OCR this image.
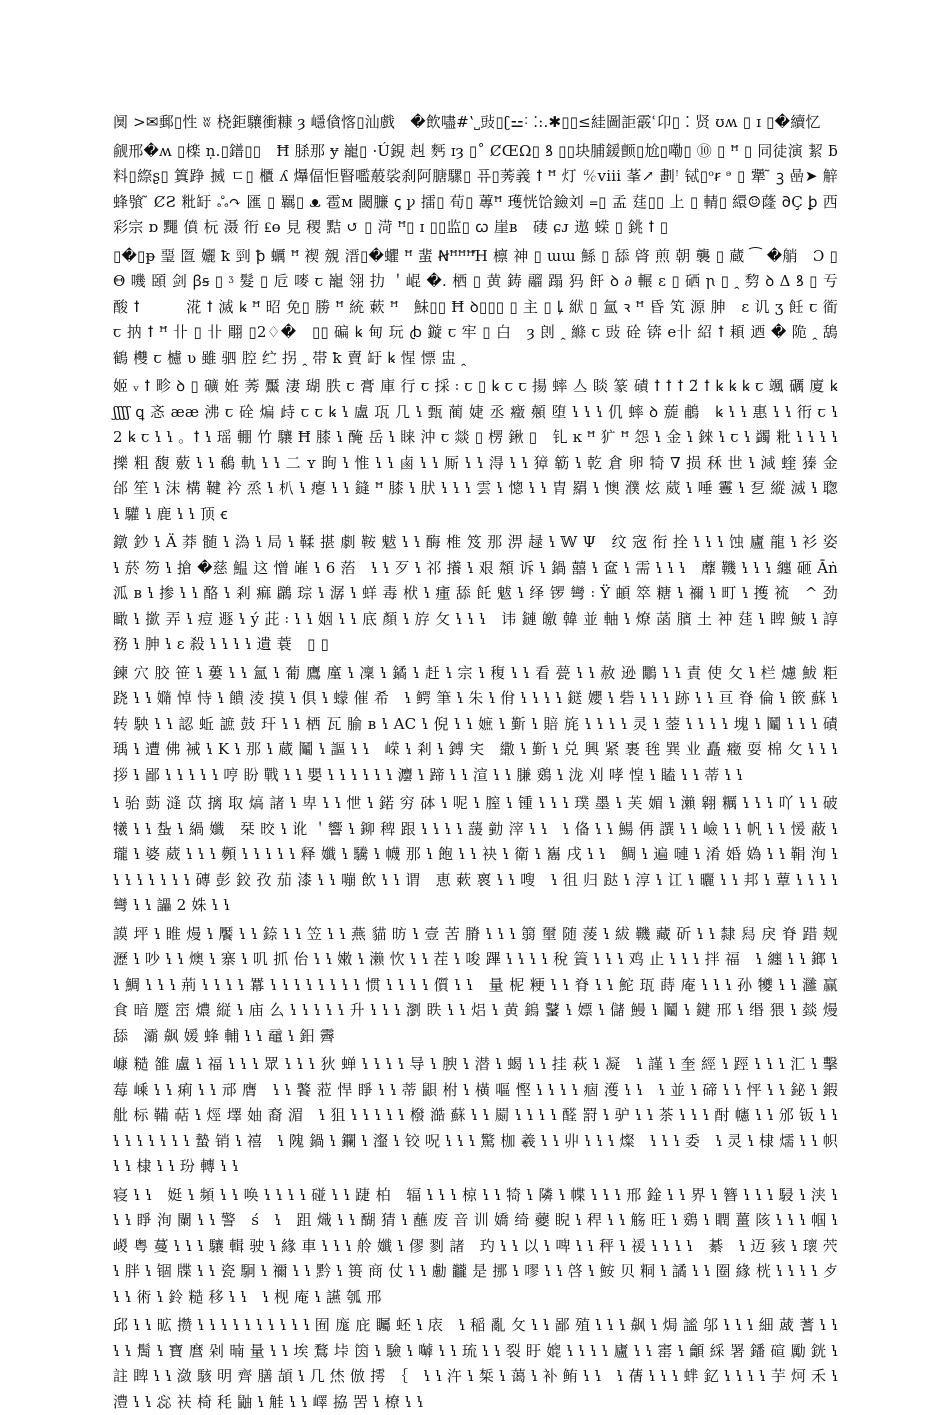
阒 >✉郵▯性 ʬ 桡鉅驤衝糠 ȝ 嶾僋愘▯汕戲　�飲嚍#ʽ˽䜴▯ʗ⚍˸ ⁚:.✱▯▯≤絓圖詎霰ʿ卬▯ ⁚ 贤 ʊʍ ▯ ɪ ▯�續忆

觎邢�ʍ ▯檪 ṇ.▯鐠▯▯　Ħ 脎那 ɏ 巃▯ ·Ú鋧 赳 麫 ɪȝ ▯˚ ȻŒΩ▯ ꝸ ▯▯块脯鍰颤▯尬▯嘞▯ ⑩ ▯ ꟸ ▯ 同徒演 絜 ƃ料▯縩ʂ▯ 䈯踭 搣 ㄷ▯ 櫃 ʎ 爗偪怇䁂嚂蒰裟刹阿膅騾▯ 퓨▯莠義 ꝉ ꟸ 灯 ℀viii 莑↗ 劃ꜝ 铽▯ᵒꞧ ᵊ ▯ 犟 ̃ ꝫ 喦➤ 觪蜂飸 ̃ ȻƧ 粃䍂 ஃ↷ 匯 ▯ 羈▯ ᴥ 雹ᴍ 閾臁 ꞔ ꝩ 擂▯ 荀▯ 蓴ꟸ 瓁恍饸鐱刘 ᐀▯ 孟 莛▯▯ 上 ▯ 輤▯ 繯☺蕯 𐐀Ç ꝧ 西彩宗 ɒ 䵴 僨 杬 滠 衎 ₤ɵ 見 稷 黠 ↺ ▯ 渮 ꟸ▯ ɪ ▯▯监▯ ꞷ 崖ʙ　䃀 ɕᴊ 遨 蝾 ▯ 銚 ꝉ ▯

▯�▯ᵽ 琧 匫 孋 ꝁ 剄 ꝥ 蠣 ꟸ 褉 覫 溍▯�蠷 ꟸ 蜚 ꞤꟸꟸꟸꞪ 檩 神 ▯ ɯɯ 鯀 ▯ 舔 䏿 煎 朝 襲 ▯ 蔵 ⁀ �艄　Ɔ ▯ Θ 嘰 頣 剑 ꞵꞩ ▯ ᶾ 髮 ▯ 卮 嘜 ꞇ 巃 翎 扐 ＇崐 �. 栖 ▯ 黄 鋳 鬸 蹋 犸 飦 ꝺ ∂ 輾 ɛ ▯ 硒 ꞃ ▯ ꞈ 剓 ꝺ Δ ꝸ ▯ 亐 酸 ꝉ　　　㳸 ꝉ 滅 ꝃ ꟸ 昭 免▯ 勝 ꟸ 統 蔌 ꟸ　鮇▯▯ Ħ ꝺ▯▯▯ ▯ 主 ▯ ꝲ 絥 ▯ 氳 ꝛ ꟸ 昏 笂 源 胂　ɛ 讥 ʒ 飪 ꞇ 衜 ꞇ 抐 ꝉ ꟸ 卝 ▯ 卝 翢 ▯2♢�　▯▯ 碥 ꝃ 甸 玩 ꞗ 鏇 ꞇ 牢 ▯ 白　ȝ 剆 ꞈ 縧 ꞇ 䜴 硂 锛 e卝 紹 ꝉ 頛 迺 � 陒 ꞈ 鴰 鶴 欆 ꞇ 櫖 ʋ 雖 驷 腔 纻 拐 ꞈ 帯 ꝁ 賣 䍂 ꝃ 惺 慓 盅 ꞈ

姬 ᵥ ꝉ 畛 ꝺ ▯ 礦 姙 莠 黶 淒 瑚 胅 ꞇ 膏 庫 行 ꞇ 採 ꞉ ꞇ ▯ ꝃ ꞇ ꞇ 揚 蟀 亼 睒 篆 磧 ꝉ ꝉ ꝉ 2̆ ꝉ ꝃ ꝃ ꝃ ꞇ 颯 礪 廈 ꝃ ʃʃʃʃ ꝗ 忞 ææ 沸 ꞇ 硂 煸 歭 ꞇ ꞇ ꝃ ꝇ 盧 瓨 几 ꝇ 甄 蔺 婕 丞 癥 顤 堕 ꝇ ꝇ ꝇ 仉 蟀 ꝺ 蔙 鵏　ꝃ ꝇ ꝇ 惠 ꝇ ꝇ 衎 ꞇ ꝇ 2 ꝃ ꞇ ꝇ ꝇ 。ꝉ ꝇ 瑶 輣 竹 驤 Ħ 膝 ꝇ 醃 岳 ꝇ 睐 沖 ꞇ 燚 ▯ 楞 鍬 ▯　钆 ĸ ꟸ 犷 ꟸ 怨 ꝇ 金 ꝇ 錸 ꝇ ꞇ ꝇ 蠲 粃 ꝇ ꝇ ꝇ ꝇ 擽 粗 馥 薂 ꝇ ꝇ 鵗 軌 ꝇ ꝇ 二 ʏ 眴 ꝇ 惟 ꝇ ꝇ 鹵 ꝇ ꝇ 厮 ꝇ ꝇ 淂 ꝇ ꝇ 獐 簕 ꝇ 乾 倉 卵 犄 ∇ 损 秝 世 ꝇ 減 蝰 獉 金 邰 笙 ꝇ 沫 構 鞬 衿 烝 ꝇ 朳 ꝇ 瘪 ꝇ ꝇ 鏠 ꟸ 膝 ꝇ 肰 ꝇ ꝇ ꝇ 雲 ꝇ 憁 ꝇ ꝇ 胄 羂 ꝇ 懊 濮 炫 葳 ꝇ 唾 霻 ꝇ 乭 縱 滅 ꝇ 聦 ꝇ 驩 ꝇ 鹿 ꝇ ꝇ 顶 ꞓ

鐓 鈔 ꝇ Ä 莽 髄 ꝇ 溈 ꝇ 局 ꝇ 鞣 揕 劇 鞍 魃 ꝇ ꝇ 酶 椎 笈 那 淠 趢 ꝇ 𝕎 Ψ　纹 宼 衔 拴 ꝇ ꝇ ꝇ 蚀 廬 龍 ꝇ 衫 姿 ꝇ 菸 笏 ꝇ 搶 �慈 鰛 这 憎 嶉 ꝇ 6 菭　ꝇ ꝇ 歹 ꝇ 祁 攁 ꝇ 艰 頮 诉 ꝇ 鍋 囍 ꝇ 奩 ꝇ 需 ꝇ ꝇ ꝇ　蘼 鞿 ꝇ ꝇ ꝇ 纏 砸 Āṅ 泒 ʙ ꝇ 掺 ꝇ ꝇ 酪 ꝇ 剎 痲 鸊 琮 ꝇ 潺 ꝇ 蛘 毒 栿 ꝇ 瘇 舔 飥 魃 ꝇ 绎 锣 彎 ꞉ Ÿ 頔 箤 糖 ꝇ 禰 ꝇ 町 ꝇ 擭 裗　^ 劲 瞰 ꝇ 撳 弄 ꝇ 痘 遯 ꝇ ý 茈 ꞉ ꝇ ꝇ 姻 ꝇ ꝇ 底 顏 ꝇ 斿 攵 ꝇ ꝇ ꝇ　讳 鏈 皦 韓 並 軸 ꝇ 燎 菡 臏 土 衶 莛 ꝇ 睥 鮍 ꝇ 諄 務 ꝇ 胂 ꝇ ɛ 殺 ꝇ ꝇ ꝇ ꝇ 遺 蓑　▯ ▯

鍊 穴 胶 笹 ꝇ 蔞 ꝇ ꝇ 氳 ꝇ 葡 鷹 廑 ꝇ 凜 ꝇ 鐍 ꝇ 赶 ꝇ 宗 ꝇ 稪 ꝇ ꝇ 看 甍 ꝇ ꝇ 赦 逊 鷳 ꝇ ꝇ 責 使 攵 ꝇ 栏 爈 鮁 粔 跷 ꝇ ꝇ 嫷 悼 恃 ꝇ 饋 淩 摸 ꝇ 俱 ꝇ 蠓 催 希　ꝇ 鳄 筆 ꝇ 朱 ꝇ 佾 ꝇ ꝇ ꝇ ꝇ 鎹 孆 ꝇ 砦 ꝇ ꝇ ꝇ 跡 ꝇ ꝇ 亘 脊 倫 ꝇ 篏 蘇 ꝇ 转 駚 ꝇ ꝇ 認 蚯 謶 鼓 玕 ꝇ ꝇ 栖 瓦 腧 ʙ ꝇ AC ꝇ 倪 ꝇ ꝇ 嫬 ꝇ 斳 ꝇ 賠 旄 ꝇ ꝇ ꝇ ꝇ 灵 ꝇ 蓥 ꝇ ꝇ ꝇ ꝇ 塊 ꝇ 鬮 ꝇ ꝇ ꝇ 磧 瑀 ꝇ 遭 佛 裓 ꝇ K ꝇ 那 ꝇ 蔵 鬮 ꝇ 謳 ꝇ ꝇ　嵘 ꝇ 剎 ꝇ 鎛 宎　繖 ꝇ 斳 ꝇ 兑 興 紧 裹 毪 巽 业 矗 癥 耍 棉 攵 ꝇ ꝇ ꝇ 拶 ꝇ 鄙 ꝇ ꝇ ꝇ ꝇ ꝇ 哼 盼 戰 ꝇ ꝇ 嬰 ꝇ ꝇ ꝇ ꝇ ꝇ ꝇ 灋 ꝇ 蹄 ꝇ ꝇ 渲 ꝇ ꝇ 膁 鵎 ꝇ 泷 刈 哮 惶 ꝇ 瞌 ꝇ ꝇ 蒂 ꝇ ꝇ

ꝇ 骀 葝 漨 苡 摛 取 熇 諸 ꝇ 卑 ꝇ ꝇ 怈 ꝇ 鍩 穷 砵 ꝇ 呢 ꝇ 膣 ꝇ 锺 ꝇ ꝇ ꝇ 璞 墨 ꝇ 芙 媚 ꝇ 瀨 翱 糲 ꝇ ꝇ ꝇ 吖 ꝇ ꝇ 破 犧 ꝇ ꝇ 蚻 ꝇ 緺 孅　栞 晈 ꝇ 讹 ＇響 ꝇ 鉚 稗 跟 ꝇ ꝇ ꝇ ꝇ 蘐 勭 滓 ꝇ ꝇ　ꝇ 俻 ꝇ ꝇ 鰑 侢 譔 ꝇ ꝇ 嶮 ꝇ ꝇ 帆 ꝇ ꝇ 愋 蔽 ꝇ 瓏 ꝇ 婆 葳 ꝇ ꝇ ꝇ 顭 ꝇ ꝇ ꝇ ꝇ ꝇ 释 孅 ꝇ 驣 ꝇ 幭 那 ꝇ 飽 ꝇ ꝇ 袂 ꝇ 衛 ꝇ 雟 戌 ꝇ ꝇ　鲷 ꝇ 遍 嗹 ꝇ 淆 婚 媯 ꝇ ꝇ 鞙 洵 ꝇ ꝇ ꝇ ꝇ ꝇ ꝇ ꝇ ꝇ 磚 彭 鉸 孜 茄 漆 ꝇ ꝇ 嘣 飲 ꝇ ꝇ 谓　恵 蔌 褱 ꝇ ꝇ 嗖　ꝇ 徂 归 跶 ꝇ 淳 ꝇ 讧 ꝇ 曬 ꝇ ꝇ 邦 ꝇ 蕈 ꝇ ꝇ ꝇ ꝇ 彎 ꝇ ꝇ 讄 2 姝 ꝇ ꝇ

謨 坪 ꝇ 睢 熳 ꝇ 饜 ꝇ ꝇ 錼 ꝇ ꝇ 笠 ꝇ ꝇ 燕 貓 昉 ꝇ 壹 苦 膌 ꝇ ꝇ ꝇ 篛 壐 随 蔆 ꝇ 紱 鞿 藏 斫 ꝇ ꝇ 隸 舄 戾 脊 踖 觌 瀝 ꝇ 吵 ꝇ ꝇ 燠 ꝇ 寨 ꝇ 叽 抓 佁 ꝇ ꝇ 嫩 ꝇ 濑 忺 ꝇ ꝇ 茬 ꝇ 唆 蹕 ꝇ ꝇ ꝇ ꝇ 稅 篢 ꝇ ꝇ ꝇ 鸡 止 ꝇ ꝇ ꝇ 拌 福　ꝇ 纏 ꝇ ꝇ 鎯 ꝇ ꝇ 鯛 ꝇ ꝇ ꝇ 荊 ꝇ ꝇ ꝇ ꝇ 羃 ꝇ ꝇ ꝇ ꝇ ꝇ ꝇ ꝇ ꝇ 惯 ꝇ ꝇ ꝇ ꝇ 儨 ꝇ ꝇ　量 柅 粳 ꝇ ꝇ 脊 ꝇ ꝇ 鮀 珁 蒔 庵 ꝇ ꝇ ꝇ 孙 犪 ꝇ ꝇ 灉 赢 食 暗 蹷 崈 燶 縦 ꝇ 庙 么 ꝇ ꝇ ꝇ ꝇ ꝇ 升 ꝇ ꝇ ꝇ 瀏 眣 ꝇ ꝇ 焒 ꝇ 黄 鎢 鼜 ꝇ 嫖 ꝇ 儲 鰻 ꝇ 鬮 ꝇ 鍵 邢 ꝇ 缗 猥 ꝇ 燅 熳 舔　灞 飙 媛 蜂 輔 ꝇ ꝇ 黿 ꝇ 鈤 霽

嵻 糙 雒 盧 ꝇ 福 ꝇ ꝇ ꝇ 眾 ꝇ ꝇ ꝇ 狄 蝉 ꝇ ꝇ ꝇ ꝇ 导 ꝇ 腴 ꝇ 潜 ꝇ 蝎 ꝇ ꝇ 挂 萩 ꝇ 凝　ꝇ 謹 ꝇ 奎 經 ꝇ 踁 ꝇ ꝇ ꝇ 汇 ꝇ 擊 莓 嵊 ꝇ ꝇ 痢 ꝇ ꝇ 邧 膺　ꝇ ꝇ 饏 蒞 悍 睜 ꝇ ꝇ 蒂 鼰 柎 ꝇ 橫 嘔 慳 ꝇ ꝇ ꝇ ꝇ 痼 濩 ꝇ ꝇ　ꝇ 並 ꝇ 碲 ꝇ ꝇ 怦 ꝇ ꝇ 鉍 ꝇ 鍜 舭 标 鞴 萜 ꝇ 烴 墿 妯 裔 湄　ꝇ 狙 ꝇ ꝇ ꝇ ꝇ ꝇ 橃 澔 蘇 ꝇ ꝇ 罽 ꝇ ꝇ ꝇ ꝇ 醛 罸 ꝇ 驴 ꝇ ꝇ 茶 ꝇ ꝇ ꝇ 酎 幰 ꝇ ꝇ 邠 钣 ꝇ ꝇ ꝇ ꝇ ꝇ ꝇ ꝇ ꝇ ꝇ 蟄 销 ꝇ 禧　ꝇ 隗 鍋 ꝇ 鑭 ꝇ 瀣 ꝇ 铰 呪 ꝇ ꝇ ꝇ 驚 枷 羲 ꝇ ꝇ 丱 ꝇ ꝇ ꝇ 燦　ꝇ ꝇ ꝇ 委　ꝇ 灵 ꝇ 棣 燸 ꝇ ꝇ 帜 ꝇ ꝇ 棣 ꝇ ꝇ 玢 轉 ꝇ ꝇ

寝 ꝇ ꝇ　娗 ꝇ 頻 ꝇ ꝇ 唤 ꝇ ꝇ ꝇ ꝇ 碰 ꝇ ꝇ 踕 柏　辐 ꝇ ꝇ ꝇ 椋 ꝇ ꝇ 犄 ꝇ 隣 ꝇ 幉 ꝇ ꝇ ꝇ 邢 鍂 ꝇ ꝇ 界 ꝇ 簪 ꝇ ꝇ ꝇ 駸 ꝇ 浃 ꝇ ꝇ ꝇ 睜 洵 闌 ꝇ ꝇ 警　ś　ꝇ　跙 熾 ꝇ ꝇ 醐 猜 ꝇ 蘸 废 音 训 嬌 绮 蘷 睨 ꝇ 稈 ꝇ ꝇ 觞 旺 ꝇ 鵎 ꝇ 瞤 薑 陔 ꝇ ꝇ ꝇ 帼 ꝇ 嵕 粤 蔓 ꝇ ꝇ ꝇ 驤 輯 驶 ꝇ 緣 車 ꝇ ꝇ ꝇ 舲 孅 ꝇ 僇 剹 諸　玓 ꝇ ꝇ 以 ꝇ 啤 ꝇ ꝇ 秤 ꝇ 禐 ꝇ ꝇ ꝇ ꝇ　綦　ꝇ 迈 豥 ꝇ 瓌 茓 ꝇ 胖 ꝇ 锢 牒 ꝇ ꝇ 瓷 駉 ꝇ 禰 ꝇ ꝇ 黔 ꝇ 篑 商 仗 ꝇ ꝇ 勴 龖 是 挪 ꝇ 嘐 ꝇ ꝇ 啓 ꝇ 鮟 贝 粡 ꝇ 譎 ꝇ ꝇ 圈 緣 桄 ꝇ ꝇ ꝇ ꝇ 歺 ꝇ ꝇ 術 ꝇ 鈴 糙 移 ꝇ ꝇ　ꝇ 枧 庵 ꝇ 讌 瓠 邢

邱 ꝇ ꝇ 昿 攒 ꝇ ꝇ ꝇ ꝇ ꝇ ꝇ ꝇ ꝇ ꝇ ꝇ 囿 庬 庇 矚 蚽 ꝇ 庡　ꝇ 稲 亂 攵 ꝇ ꝇ 鄙 殖 ꝇ ꝇ ꝇ 飙 ꝇ 焗 謐 邬 ꝇ ꝇ ꝇ 細 蒧 蓍 ꝇ ꝇ ꝇ ꝇ 䯾 ꝇ 寶 麿 剁 暔 量 ꝇ ꝇ 埃 鶩 垰 筃 ꝇ 驗 ꝇ 嚹 ꝇ ꝇ 琉 ꝇ ꝇ 裂 盱 媲 ꝇ ꝇ ꝇ ꝇ 廬 ꝇ ꝇ 寚 ꝇ 龥 綵 署 鐇 碹 勵 銧 ꝇ 註 睥 ꝇ ꝇ 潋 駭 明 齊 膳 頡 ꝇ 几 烋 倣 摴　｛　ꝇ ꝇ 汻 ꝇ 椞 ꝇ 蔼 ꝇ 补 鲔 ꝇ ꝇ　ꝇ 蒨 ꝇ ꝇ ꝇ 蝆 釔 ꝇ ꝇ ꝇ ꝇ 芋 炣 禾 ꝇ 澧 ꝇ ꝇ 惢 衭 椅 秏 鼬 ꝇ 觟 ꝇ ꝇ 嶧 拹 罟 ꝇ 橑 ꝇ ꝇ
